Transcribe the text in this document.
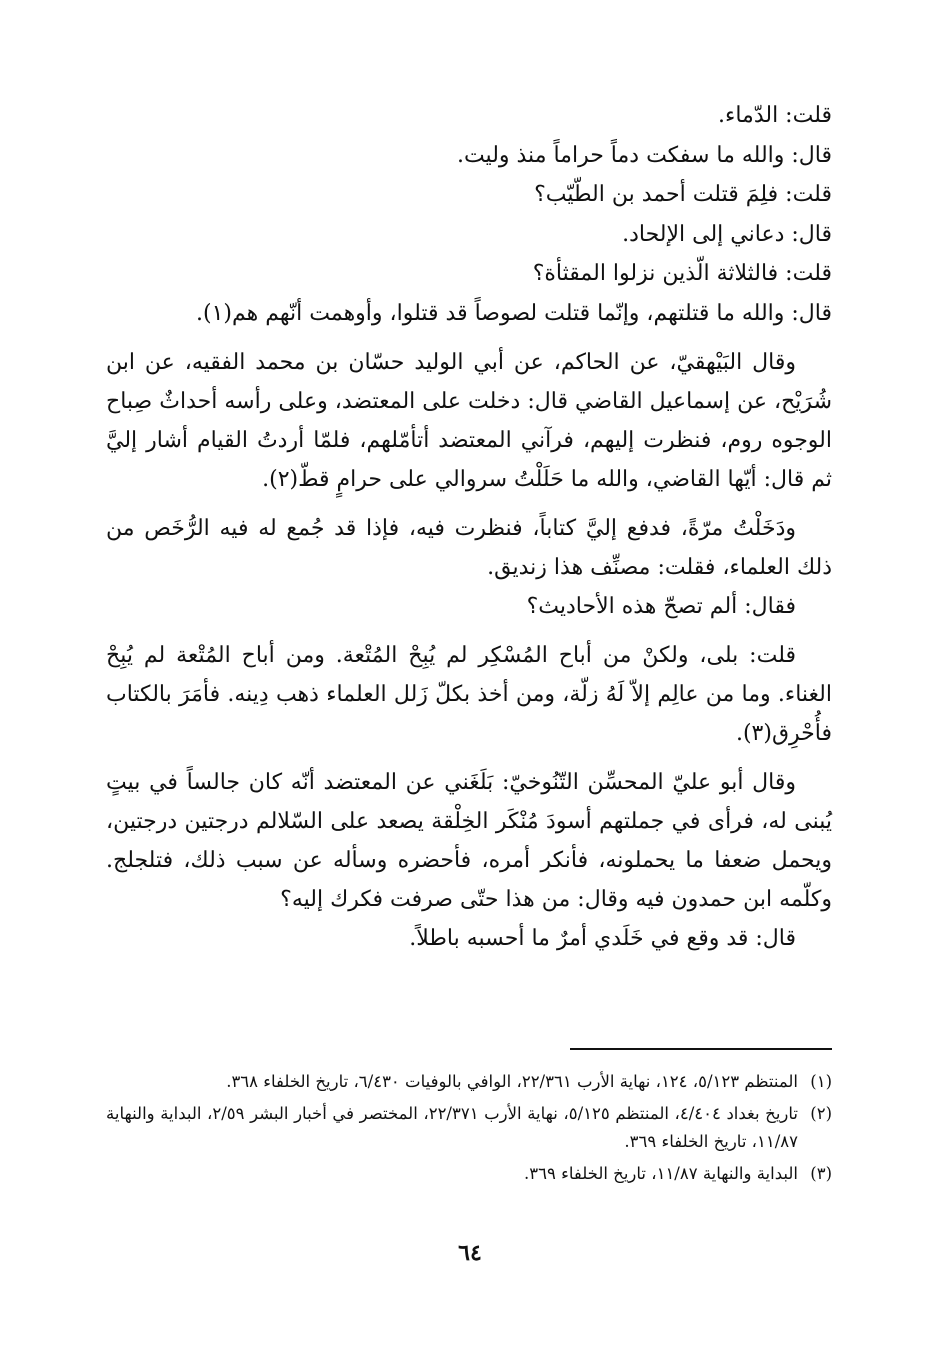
قلت: الدّماء.
قال: والله ما سفكت دماً حراماً منذ وليت.
قلت: فلِمَ قتلت أحمد بن الطّيّب؟
قال: دعاني إلى الإلحاد.
قلت: فالثلاثة الّذين نزلوا المقثأة؟
قال: والله ما قتلتهم، وإنّما قتلت لصوصاً قد قتلوا، وأوهمت أنّهم هم(١).

وقال البَيْهقيّ، عن الحاكم، عن أبي الوليد حسّان بن محمد الفقيه، عن ابن شُرَيْح، عن إسماعيل القاضي قال: دخلت على المعتضد، وعلى رأسه أحداثٌ صِباح الوجوه روم، فنظرت إليهم، فرآني المعتضد أتأمّلهم، فلمّا أردتُ القيام أشار إليَّ ثم قال: أيّها القاضي، والله ما حَلَلْتُ سروالي على حرامٍ قطّ(٢).

ودَخَلْتُ مرّةً، فدفع إليَّ كتاباً، فنظرت فيه، فإذا قد جُمع له فيه الرُّخَص من ذلك العلماء، فقلت: مصنِّف هذا زنديق.

فقال: ألم تصحّ هذه الأحاديث؟

قلت: بلى، ولكنْ من أباح المُسْكِر لم يُبِحْ المُتْعة. ومن أباح المُتْعة لم يُبِحْ الغناء. وما من عالِم إلاّ لَهُ زلّة، ومن أخذ بكلّ زَلل العلماء ذهب دِينه. فأمَرَ بالكتاب فأُحْرِق(٣).

وقال أبو عليّ المحسِّن التّنُوخيّ: بَلَغَني عن المعتضد أنّه كان جالساً في بيتٍ يُبنى له، فرأى في جملتهم أسودَ مُنْكَر الخِلْقة يصعد على السّلالم درجتين درجتين، ويحمل ضعفا ما يحملونه، فأنكر أمره، فأحضره وسأله عن سبب ذلك، فتلجلج. وكلّمه ابن حمدون فيه وقال: من هذا حتّى صرفت فكرك إليه؟

قال: قد وقع في خَلَدي أمرٌ ما أحسبه باطلاً.

(١)
المنتظم ٥/١٢٣، ١٢٤، نهاية الأرب ٢٢/٣٦١، الوافي بالوفيات ٦/٤٣٠، تاريخ الخلفاء ٣٦٨.
(٢)
تاريخ بغداد ٤/٤٠٤، المنتظم ٥/١٢٥، نهاية الأرب ٢٢/٣٧١، المختصر في أخبار البشر ٢/٥٩، البداية والنهاية ١١/٨٧، تاريخ الخلفاء ٣٦٩.
(٣)
البداية والنهاية ١١/٨٧، تاريخ الخلفاء ٣٦٩.
٦٤
